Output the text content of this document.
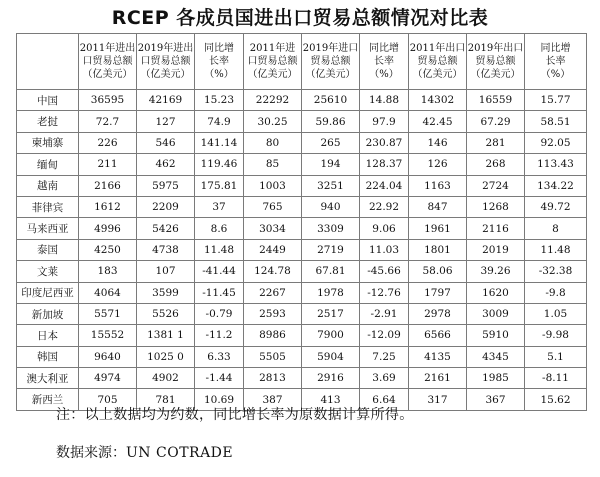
RCEP 各成员国进出口贸易总额情况对比表
	2011年进出
口贸易总额
（亿美元）	2019年进出
口贸易总额
（亿美元）	同比增
长率
（%）	2011年进
口贸易总额
（亿美元）	2019年进口
贸易总额
（亿美元）	同比增
长率
（%）	2011年出口
贸易总额
（亿美元）	2019年出口
贸易总额
（亿美元）	同比增
长率
（%）
中国	36595	42169	15.23	22292	25610	14.88	14302	16559	15.77
老挝	72.7	127	74.9	30.25	59.86	97.9	42.45	67.29	58.51
柬埔寨	226	546	141.14	80	265	230.87	146	281	92.05
缅甸	211	462	119.46	85	194	128.37	126	268	113.43
越南	2166	5975	175.81	1003	3251	224.04	1163	2724	134.22
菲律宾	1612	2209	37	765	940	22.92	847	1268	49.72
马来西亚	4996	5426	8.6	3034	3309	9.06	1961	2116	8
泰国	4250	4738	11.48	2449	2719	11.03	1801	2019	11.48
文莱	183	107	-41.44	124.78	67.81	-45.66	58.06	39.26	-32.38
印度尼西亚	4064	3599	-11.45	2267	1978	-12.76	1797	1620	-9.8
新加坡	5571	5526	-0.79	2593	2517	-2.91	2978	3009	1.05
日本	15552	1381 1	-11.2	8986	7900	-12.09	6566	5910	-9.98
韩国	9640	1025 0	6.33	5505	5904	7.25	4135	4345	5.1
澳大利亚	4974	4902	-1.44	2813	2916	3.69	2161	1985	-8.11
新西兰	705	781	10.69	387	413	6.64	317	367	15.62
注：以上数据均为约数，同比增长率为原数据计算所得。
数据来源：UN COTRADE
